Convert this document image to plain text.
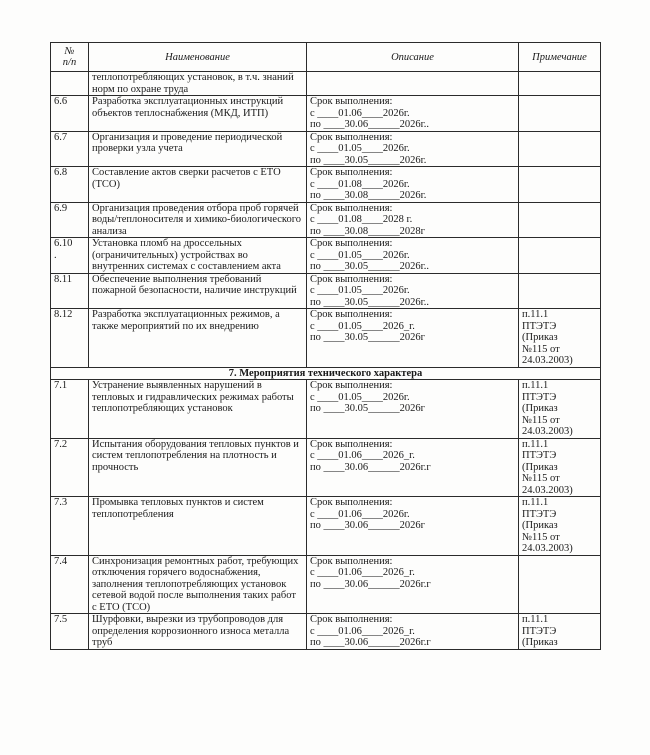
№
п/п	Наименование	Описание	Примечание
	теплопотребляющих установок, в т.ч. знаний норм по охране труда		
6.6	Разработка эксплуатационных инструкций объектов теплоснабжения (МКД, ИТП)	Срок выполнения:
с ____01.06____2026г.
по ____30.06______2026г..	

6.7	Организация и проведение периодической проверки узла учета	Срок выполнения:
с ____01.05____2026г.
по ____30.05______2026г.	

6.8	Составление актов сверки расчетов с ЕТО (ТСО)	Срок выполнения:
с ____01.08____2026г.
по ____30.08______2026г.	

6.9	Организация проведения отбора проб горячей воды/теплоносителя и химико-биологического анализа	Срок выполнения:
с ____01.08____2028 г.
по ____30.08______2028г	

6.10
.	Установка пломб на дроссельных (ограничительных) устройствах во внутренних системах с составлением акта	Срок выполнения:
с ____01.05____2026г.
по ____30.05______2026г..	

8.11	Обеспечение выполнения требований пожарной безопасности, наличие инструкций	Срок выполнения:
с ____01.05____2026г.
по ____30.05______2026г..	

8.12	Разработка эксплуатационных режимов, а также мероприятий по их внедрению	Срок выполнения:
с ____01.05____2026_г.
по ____30.05______2026г	п.11.1
ПТЭТЭ
(Приказ
№115 от
24.03.2003)

7. Мероприятия технического характера			
7.1	Устранение выявленных нарушений в тепловых и гидравлических режимах работы теплопотребляющих установок	Срок выполнения:
с ____01.05____2026г.
по ____30.05______2026г	п.11.1
ПТЭТЭ
(Приказ
№115 от
24.03.2003)

7.2	Испытания оборудования тепловых пунктов и систем теплопотребления на плотность и прочность	Срок выполнения:
с ____01.06____2026_г.
по ____30.06______2026г.г	п.11.1
ПТЭТЭ
(Приказ
№115 от
24.03.2003)

7.3	Промывка тепловых пунктов и систем теплопотребления	Срок выполнения:
с ____01.06____2026г.
по ____30.06______2026г	п.11.1
ПТЭТЭ
(Приказ
№115 от
24.03.2003)

7.4	Синхронизация ремонтных работ, требующих отключения горячего водоснабжения, заполнения теплопотребляющих установок сетевой водой после выполнения таких работ с ЕТО (ТСО)	Срок выполнения:
с ____01.06____2026_г.
по ____30.06______2026г.г	

7.5	Шурфовки, вырезки из трубопроводов для определения коррозионного износа металла труб	Срок выполнения:
с ____01.06____2026_г.
по ____30.06______2026г.г	п.11.1
ПТЭТЭ
(Приказ
